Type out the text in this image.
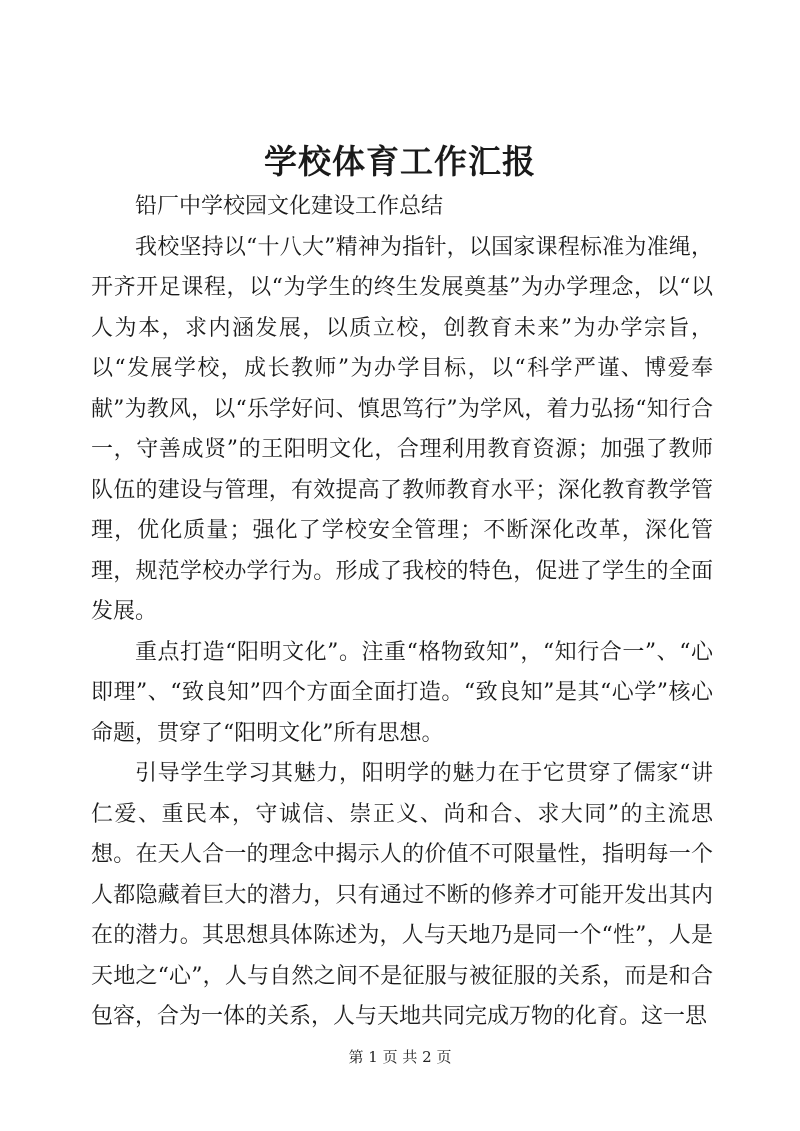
学校体育工作汇报

铅厂中学校园文化建设工作总结

我校坚持以“十八大”精神为指针，以国家课程标准为准绳，开齐开足课程，以“为学生的终生发展奠基”为办学理念，以“以人为本，求内涵发展，以质立校，创教育未来”为办学宗旨，以“发展学校，成长教师”为办学目标，以“科学严谨、博爱奉献”为教风，以“乐学好问、慎思笃行”为学风，着力弘扬“知行合一，守善成贤”的王阳明文化，合理利用教育资源；加强了教师队伍的建设与管理，有效提高了教师教育水平；深化教育教学管理，优化质量；强化了学校安全管理；不断深化改革，深化管理，规范学校办学行为。形成了我校的特色，促进了学生的全面发展。

重点打造“阳明文化”。注重“格物致知”，“知行合一”、“心即理”、“致良知”四个方面全面打造。“致良知”是其“心学”核心命题，贯穿了“阳明文化”所有思想。

引导学生学习其魅力，阳明学的魅力在于它贯穿了儒家“讲仁爱、重民本，守诚信、崇正义、尚和合、求大同”的主流思想。在天人合一的理念中揭示人的价值不可限量性，指明每一个人都隐藏着巨大的潜力，只有通过不断的修养才可能开发出其内在的潜力。其思想具体陈述为，人与天地乃是同一个“性”，人是天地之“心”，人与自然之间不是征服与被征服的关系，而是和合包容，合为一体的关系，人与天地共同完成万物的化育。这一思

第 1 页 共 2 页
